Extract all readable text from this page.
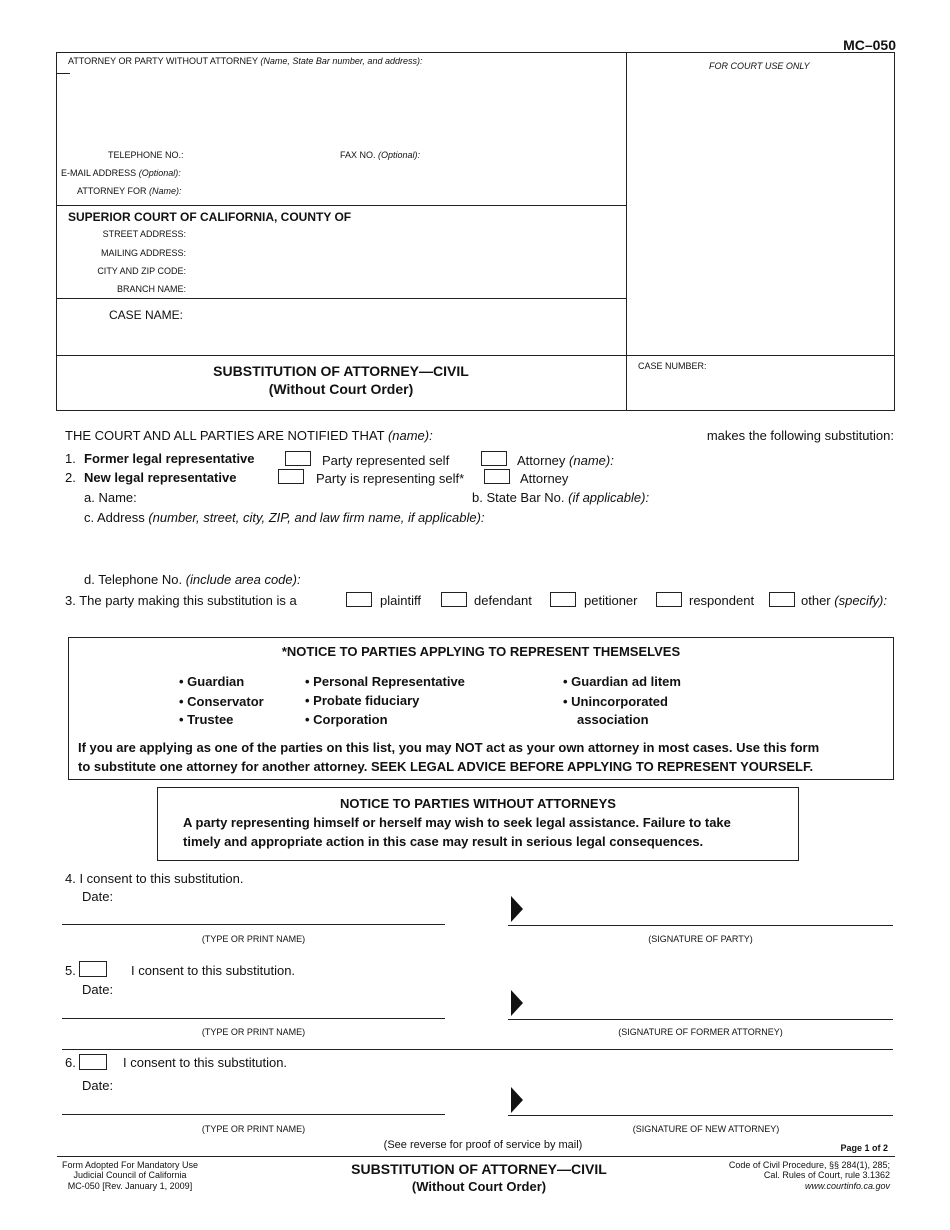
MC–050
ATTORNEY OR PARTY WITHOUT ATTORNEY (Name, State Bar number, and address):	FOR COURT USE ONLY
TELEPHONE NO.:	FAX NO. (Optional):
E-MAIL ADDRESS (Optional):
ATTORNEY FOR (Name):
SUPERIOR COURT OF CALIFORNIA, COUNTY OF
STREET ADDRESS:
MAILING ADDRESS:
CITY AND ZIP CODE:
BRANCH NAME:
CASE NAME:
SUBSTITUTION OF ATTORNEY—CIVIL
(Without Court Order)
CASE NUMBER:
THE COURT AND ALL PARTIES ARE NOTIFIED THAT (name):	makes the following substitution:
1. Former legal representative	Party represented self	Attorney (name):
2. New legal representative	Party is representing self*	Attorney
a. Name:	b. State Bar No. (if applicable):
c. Address (number, street, city, ZIP, and law firm name, if applicable):
d. Telephone No. (include area code):
3. The party making this substitution is a	plaintiff	defendant	petitioner	respondent	other (specify):
*NOTICE TO PARTIES APPLYING TO REPRESENT THEMSELVES
• Guardian
• Conservator
• Trustee
• Personal Representative
• Probate fiduciary
• Corporation
• Guardian ad litem
• Unincorporated
association
If you are applying as one of the parties on this list, you may NOT act as your own attorney in most cases. Use this form
to substitute one attorney for another attorney. SEEK LEGAL ADVICE BEFORE APPLYING TO REPRESENT YOURSELF.
NOTICE TO PARTIES WITHOUT ATTORNEYS
A party representing himself or herself may wish to seek legal assistance. Failure to take
timely and appropriate action in this case may result in serious legal consequences.
4. I consent to this substitution.
Date:
(TYPE OR PRINT NAME)	(SIGNATURE OF PARTY)
5.	I consent to this substitution.
Date:
(TYPE OR PRINT NAME)	(SIGNATURE OF FORMER ATTORNEY)
6.	I consent to this substitution.
Date:
(TYPE OR PRINT NAME)	(SIGNATURE OF NEW ATTORNEY)
(See reverse for proof of service by mail)	Page 1 of 2
Form Adopted For Mandatory Use
Judicial Council of California
MC-050 [Rev. January 1, 2009]
SUBSTITUTION OF ATTORNEY—CIVIL
(Without Court Order)
Code of Civil Procedure, §§ 284(1), 285;
Cal. Rules of Court, rule 3.1362
www.courtinfo.ca.gov
